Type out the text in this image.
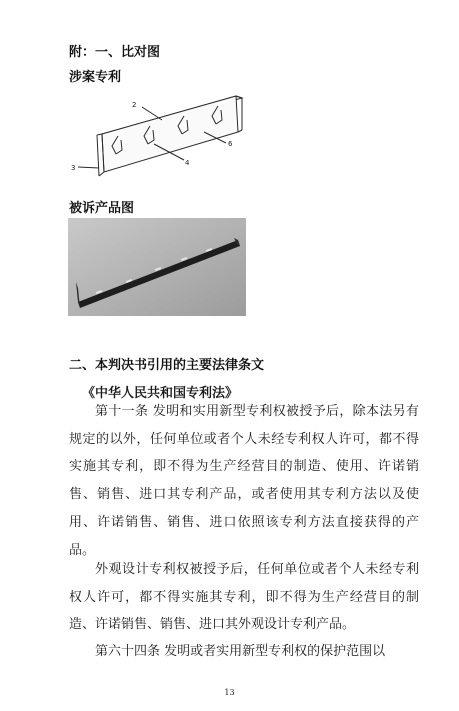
附：一、比对图
涉案专利
2
3
4
6
被诉产品图
二、本判决书引用的主要法律条文
《中华人民共和国专利法》
第十一条 发明和实用新型专利权被授予后，除本法另有规定的以外，任何单位或者个人未经专利权人许可，都不得实施其专利，即不得为生产经营目的制造、使用、许诺销售、销售、进口其专利产品，或者使用其专利方法以及使用、许诺销售、销售、进口依照该专利方法直接获得的产品。
外观设计专利权被授予后，任何单位或者个人未经专利权人许可，都不得实施其专利，即不得为生产经营目的制造、许诺销售、销售、进口其外观设计专利产品。
第六十四条 发明或者实用新型专利权的保护范围以
13
